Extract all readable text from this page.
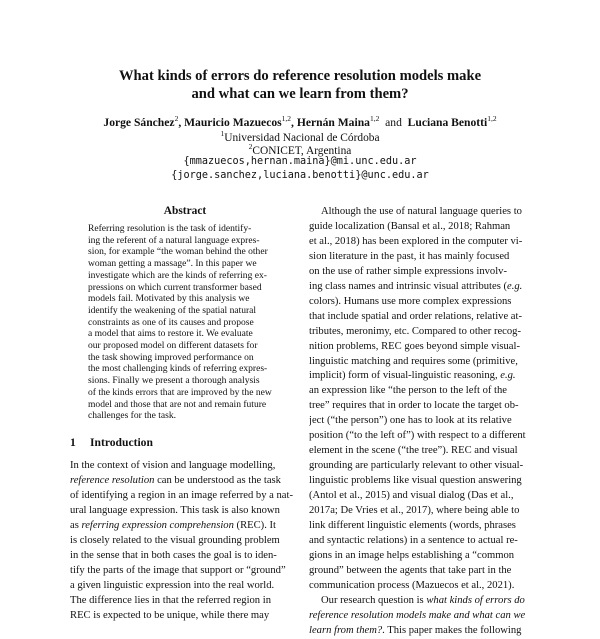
What kinds of errors do reference resolution models make
and what can we learn from them?
Jorge Sánchez$^2$, Mauricio Mazuecos$^{1,2}$, Hernán Maina$^{1,2}$ and Luciana Benotti$^{1,2}$
$^1$Universidad Nacional de Córdoba
$^2$CONICET, Argentina
{mmazuecos,hernan.maina}@mi.unc.edu.ar
{jorge.sanchez,luciana.benotti}@unc.edu.ar
Abstract
Referring resolution is the task of identify-
ing the referent of a natural language expres-
sion, for example “the woman behind the other
woman getting a massage”. In this paper we
investigate which are the kinds of referring ex-
pressions on which current transformer based
models fail. Motivated by this analysis we
identify the weakening of the spatial natural
constraints as one of its causes and propose
a model that aims to restore it. We evaluate
our proposed model on different datasets for
the task showing improved performance on
the most challenging kinds of referring expres-
sions. Finally we present a thorough analysis
of the kinds errors that are improved by the new
model and those that are not and remain future
challenges for the task.
1 Introduction
In the context of vision and language modelling,
reference resolution can be understood as the task
of identifying a region in an image referred by a nat-
ural language expression. This task is also known
as referring expression comprehension (REC). It
is closely related to the visual grounding problem
in the sense that in both cases the goal is to iden-
tify the parts of the image that support or “ground”
a given linguistic expression into the real world.
The difference lies in that the referred region in
REC is expected to be unique, while there may
Although the use of natural language queries to
guide localization (Bansal et al., 2018; Rahman
et al., 2018) has been explored in the computer vi-
sion literature in the past, it has mainly focused
on the use of rather simple expressions involv-
ing class names and intrinsic visual attributes (e.g.
colors). Humans use more complex expressions
that include spatial and order relations, relative at-
tributes, meronimy, etc. Compared to other recog-
nition problems, REC goes beyond simple visual-
linguistic matching and requires some (primitive,
implicit) form of visual-linguistic reasoning, e.g.
an expression like “the person to the left of the
tree” requires that in order to locate the target ob-
ject (“the person”) one has to look at its relative
position (“to the left of”) with respect to a different
element in the scene (“the tree”). REC and visual
grounding are particularly relevant to other visual-
linguistic problems like visual question answering
(Antol et al., 2015) and visual dialog (Das et al.,
2017a; De Vries et al., 2017), where being able to
link different linguistic elements (words, phrases
and syntactic relations) in a sentence to actual re-
gions in an image helps establishing a “common
ground” between the agents that take part in the
communication process (Mazuecos et al., 2021).
Our research question is what kinds of errors do
reference resolution models make and what can we
learn from them?. This paper makes the following
